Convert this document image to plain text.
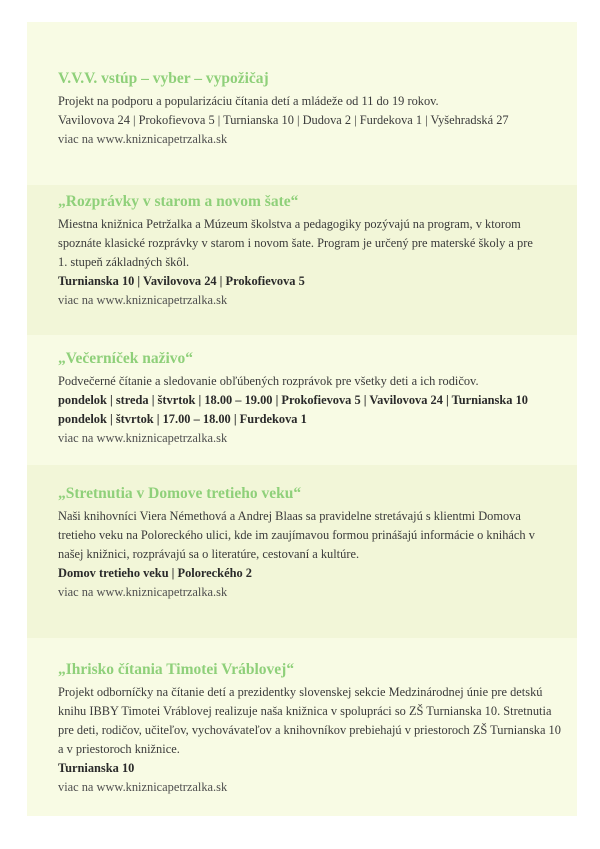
V.V.V. vstúp – vyber – vypožičaj
Projekt na podporu a popularizáciu čítania detí a mládeže od 11 do 19 rokov.
Vavilovova 24 | Prokofievova 5 | Turnianska 10 | Dudova 2 | Furdekova 1 | Vyšehradská 27
viac na www.kniznicapetrzalka.sk
„Rozprávky v starom a novom šate“
Miestna knižnica Petržalka a Múzeum školstva a pedagogiky pozývajú na program, v ktorom
spoznáte klasické rozprávky v starom i novom šate. Program je určený pre materské školy a pre
1. stupeň základných škôl.
Turnianska 10 | Vavilovova 24 | Prokofievova 5
viac na www.kniznicapetrzalka.sk
„Večerníček naživo“
Podvečerné čítanie a sledovanie obľúbených rozprávok pre všetky deti a ich rodičov.
pondelok | streda | štvrtok | 18.00 – 19.00 | Prokofievova 5 | Vavilovova 24 | Turnianska 10
pondelok | štvrtok | 17.00 – 18.00 | Furdekova 1
viac na www.kniznicapetrzalka.sk
„Stretnutia v Domove tretieho veku“
Naši knihovníci Viera Némethová a Andrej Blaas sa pravidelne stretávajú s klientmi Domova
tretieho veku na Poloreckého ulici, kde im zaujímavou formou prinášajú informácie o knihách v
našej knižnici, rozprávajú sa o literatúre, cestovaní a kultúre.
Domov tretieho veku | Poloreckého 2
viac na www.kniznicapetrzalka.sk
„Ihrisko čítania Timotei Vráblovej“
Projekt odborníčky na čítanie detí a prezidentky slovenskej sekcie Medzinárodnej únie pre detskú
knihu IBBY Timotei Vráblovej realizuje naša knižnica v spolupráci so ZŠ Turnianska 10. Stretnutia
pre deti, rodičov, učiteľov, vychovávateľov a knihovníkov prebiehajú v priestoroch ZŠ Turnianska 10
a v priestoroch knižnice.
Turnianska 10
viac na www.kniznicapetrzalka.sk
